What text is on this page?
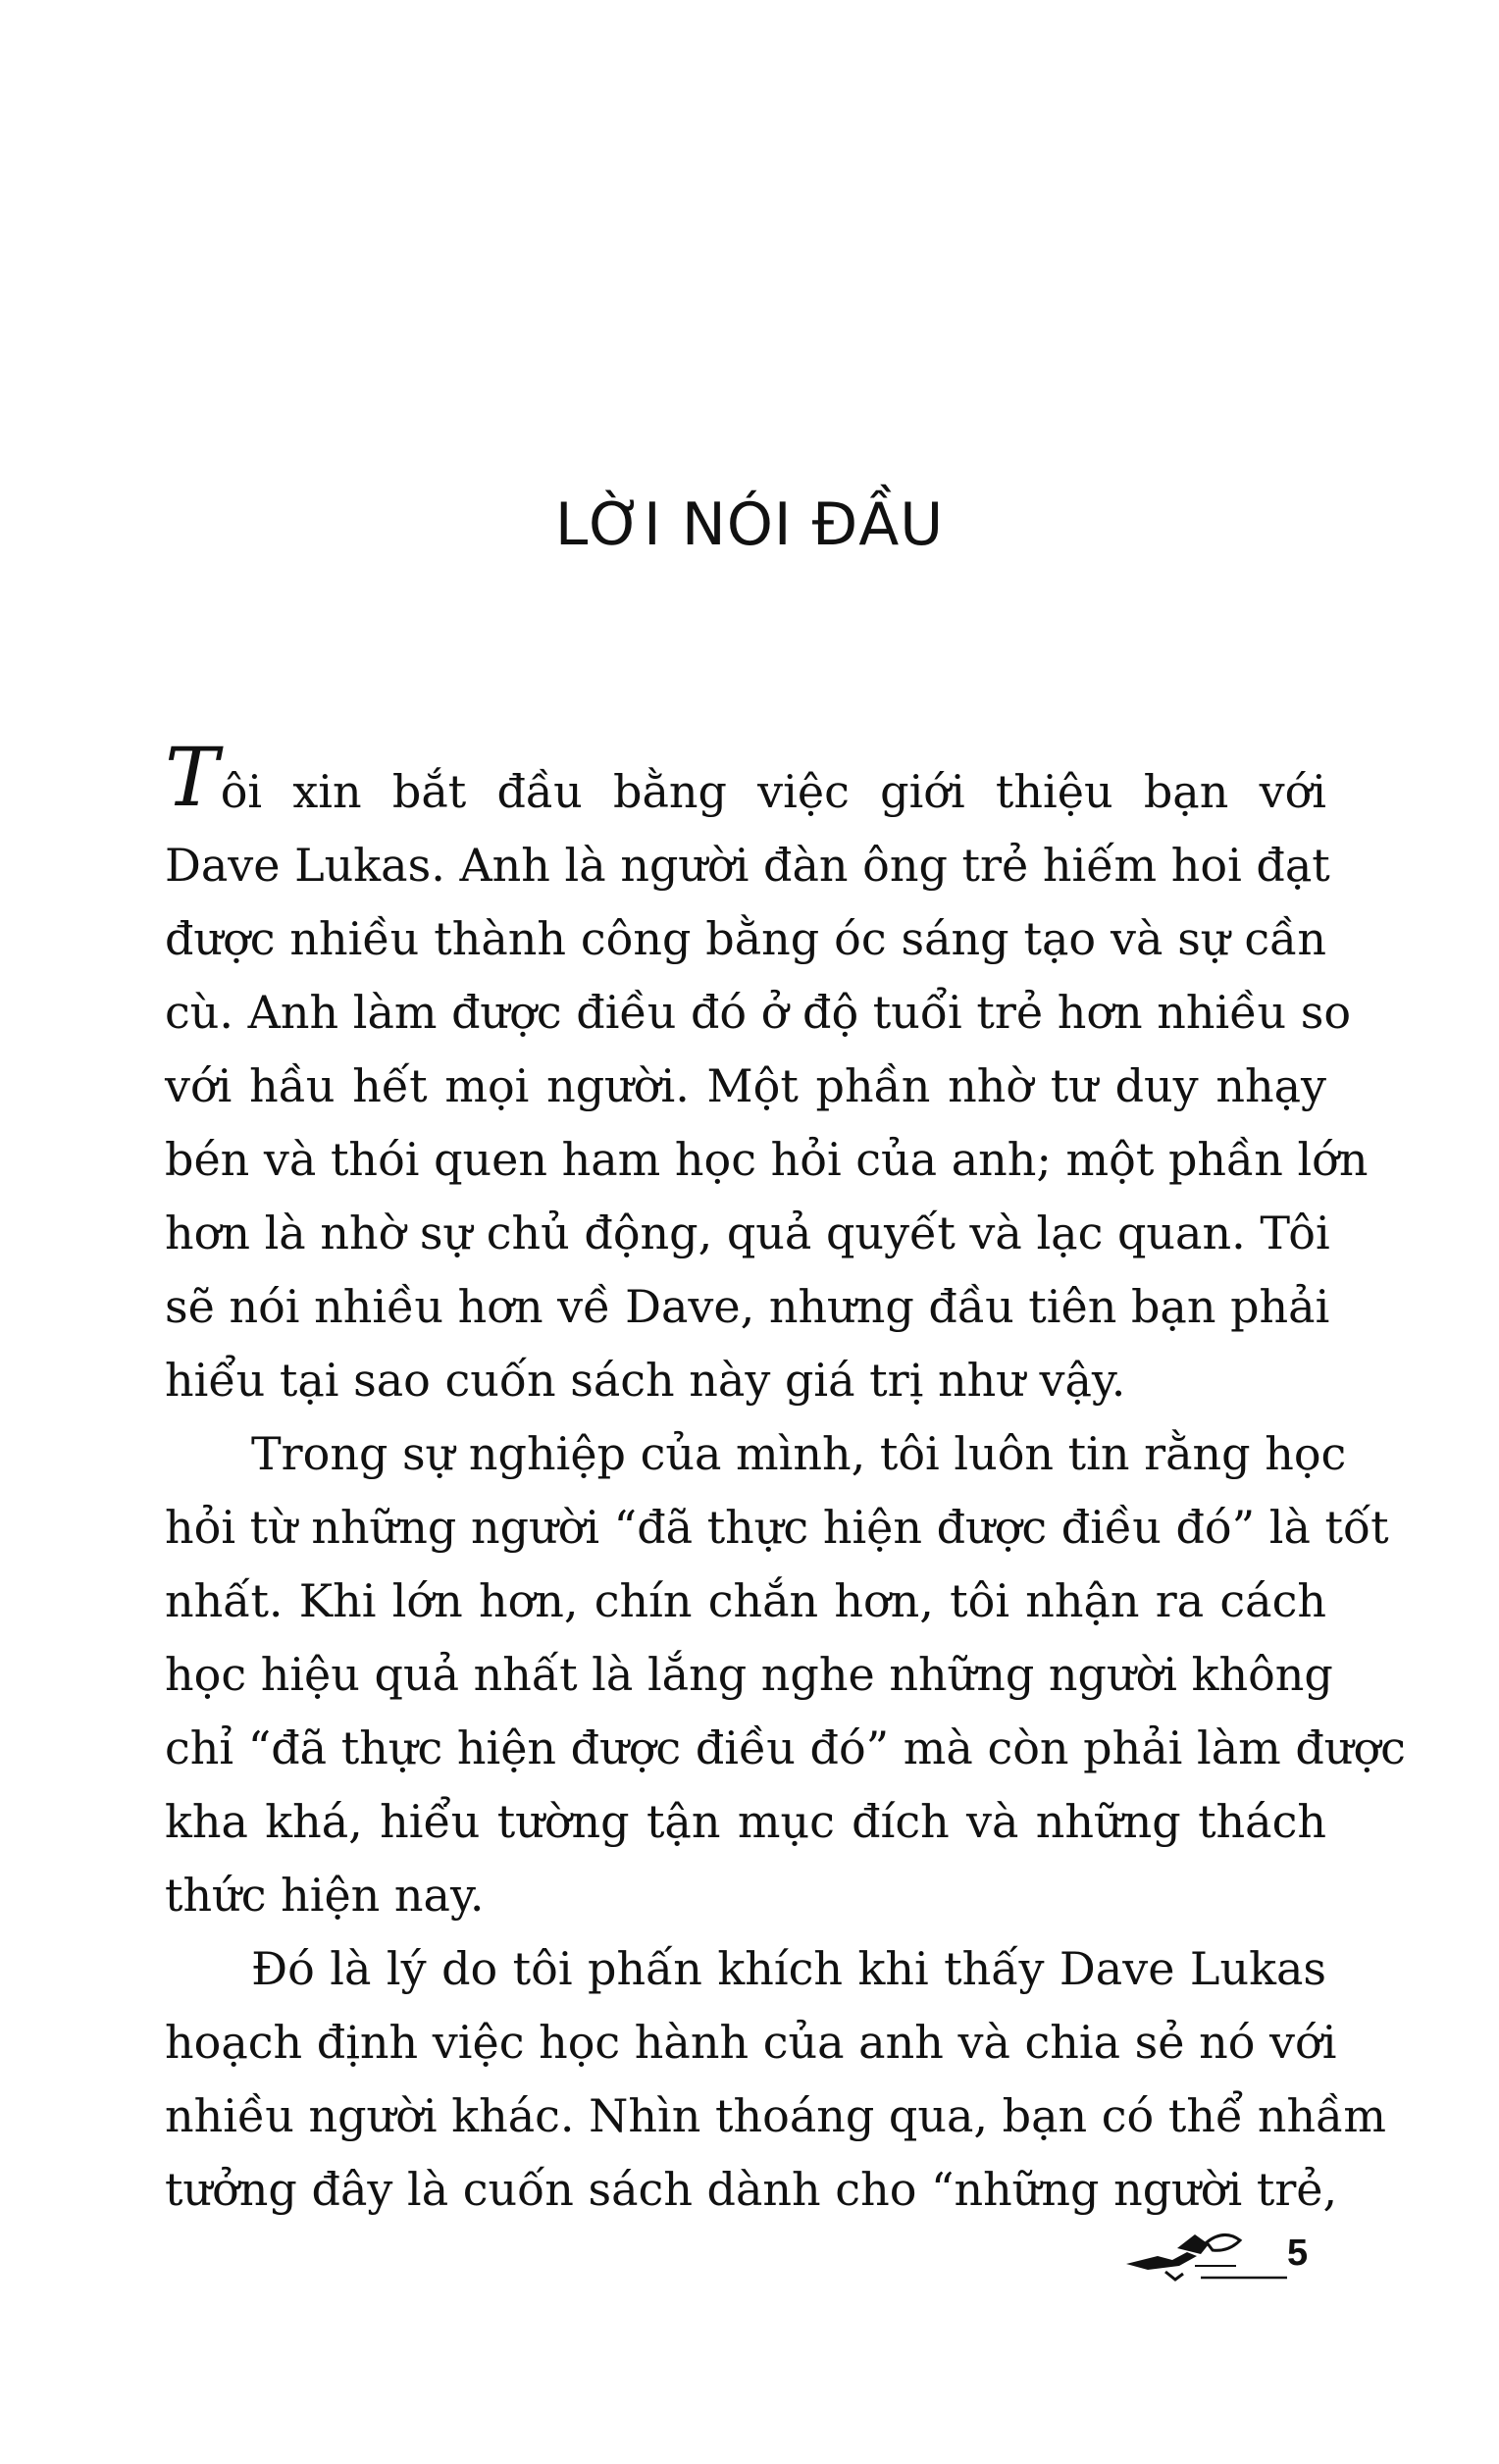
LỜI NÓI ĐẦU
Tôi xin bắt đầu bằng việc giới thiệu bạn với
Dave Lukas. Anh là người đàn ông trẻ hiếm hoi đạt
được nhiều thành công bằng óc sáng tạo và sự cần
cù. Anh làm được điều đó ở độ tuổi trẻ hơn nhiều so
với hầu hết mọi người. Một phần nhờ tư duy nhạy
bén và thói quen ham học hỏi của anh; một phần lớn
hơn là nhờ sự chủ động, quả quyết và lạc quan. Tôi
sẽ nói nhiều hơn về Dave, nhưng đầu tiên bạn phải
hiểu tại sao cuốn sách này giá trị như vậy.
Trong sự nghiệp của mình, tôi luôn tin rằng học
hỏi từ những người “đã thực hiện được điều đó” là tốt
nhất. Khi lớn hơn, chín chắn hơn, tôi nhận ra cách
học hiệu quả nhất là lắng nghe những người không
chỉ “đã thực hiện được điều đó” mà còn phải làm được
kha khá, hiểu tường tận mục đích và những thách
thức hiện nay.
Đó là lý do tôi phấn khích khi thấy Dave Lukas
hoạch định việc học hành của anh và chia sẻ nó với
nhiều người khác. Nhìn thoáng qua, bạn có thể nhầm
tưởng đây là cuốn sách dành cho “những người trẻ,
5
